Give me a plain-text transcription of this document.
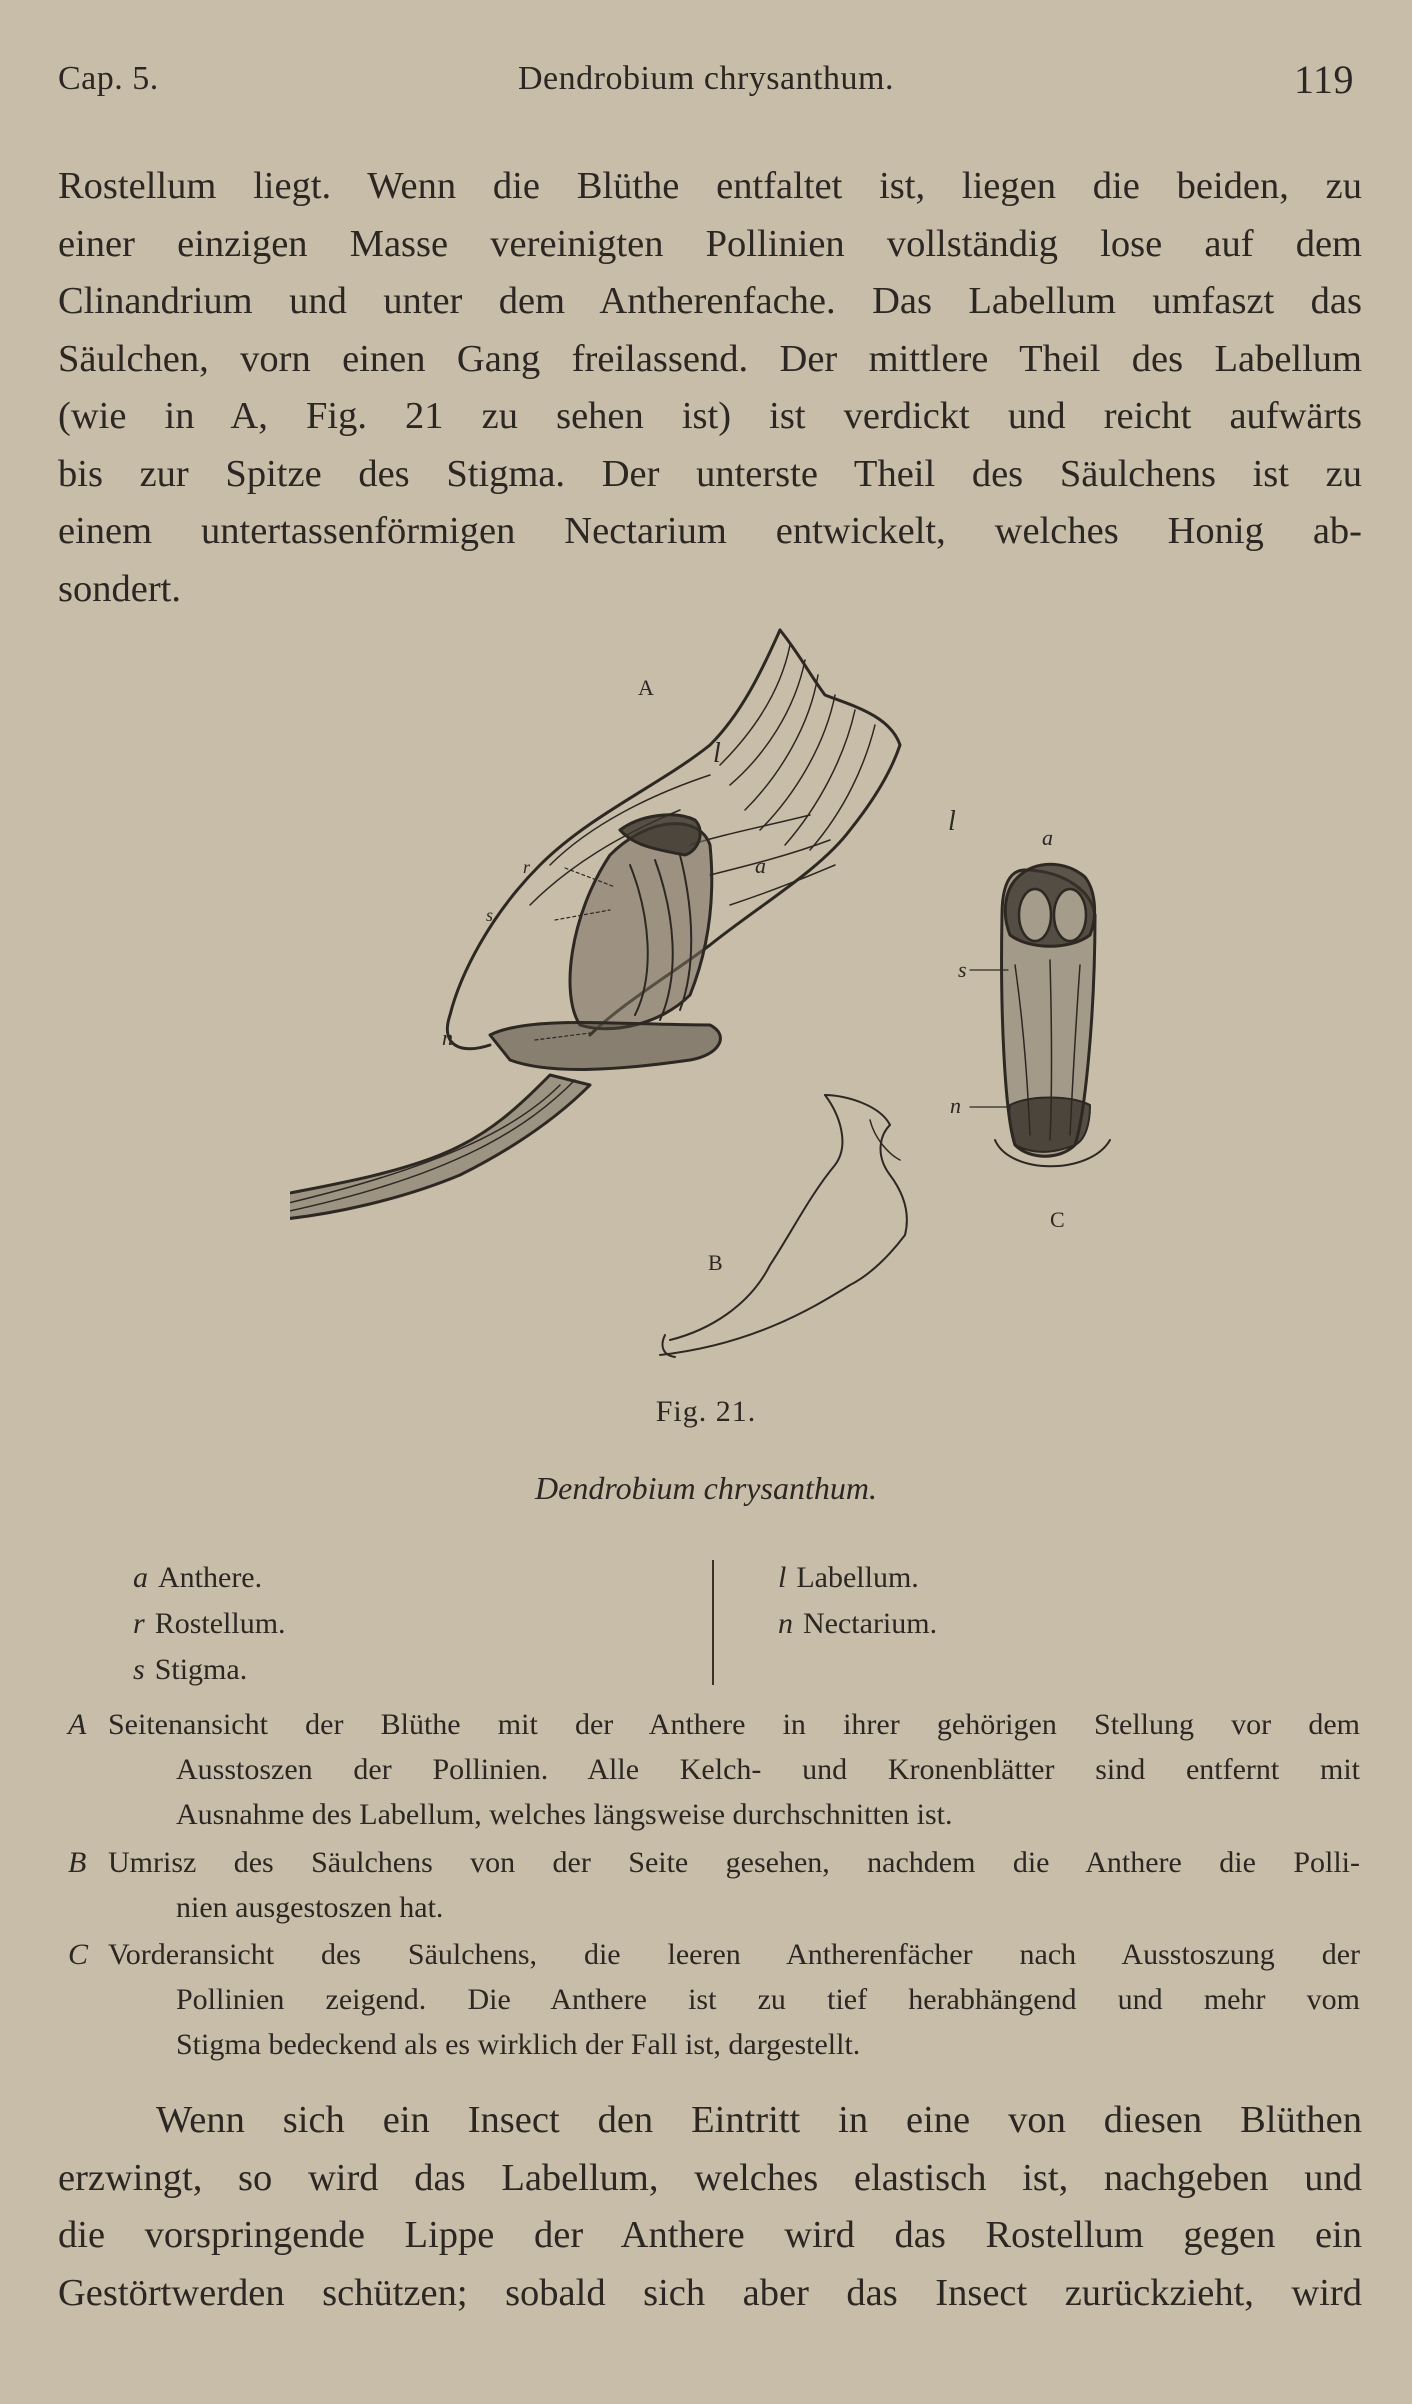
Cap. 5.	Dendrobium chrysanthum.	119
Rostellum liegt. Wenn die Blüthe entfaltet ist, liegen die beiden, zu
einer einzigen Masse vereinigten Pollinien vollständig lose auf dem
Clinandrium und unter dem Antherenfache. Das Labellum umfaszt das
Säulchen, vorn einen Gang freilassend. Der mittlere Theil des Labellum
(wie in A, Fig. 21 zu sehen ist) ist verdickt und reicht aufwärts
bis zur Spitze des Stigma. Der unterste Theil des Säulchens ist zu
einem untertassenförmigen Nectarium entwickelt, welches Honig ab-
sondert.
A
l
l
a
r
s
n
B
a
s
n
C
Fig. 21.
Dendrobium chrysanthum.
a Anthere.
r Rostellum.
s Stigma.
l Labellum.
n Nectarium.
A Seitenansicht der Blüthe mit der Anthere in ihrer gehörigen Stellung vor dem
Ausstoszen der Pollinien. Alle Kelch- und Kronenblätter sind entfernt mit
Ausnahme des Labellum, welches längsweise durchschnitten ist.
B Umrisz des Säulchens von der Seite gesehen, nachdem die Anthere die Polli-
nien ausgestoszen hat.
C Vorderansicht des Säulchens, die leeren Antherenfächer nach Ausstoszung der
Pollinien zeigend. Die Anthere ist zu tief herabhängend und mehr vom
Stigma bedeckend als es wirklich der Fall ist, dargestellt.
Wenn sich ein Insect den Eintritt in eine von diesen Blüthen
erzwingt, so wird das Labellum, welches elastisch ist, nachgeben und
die vorspringende Lippe der Anthere wird das Rostellum gegen ein
Gestörtwerden schützen; sobald sich aber das Insect zurückzieht, wird
